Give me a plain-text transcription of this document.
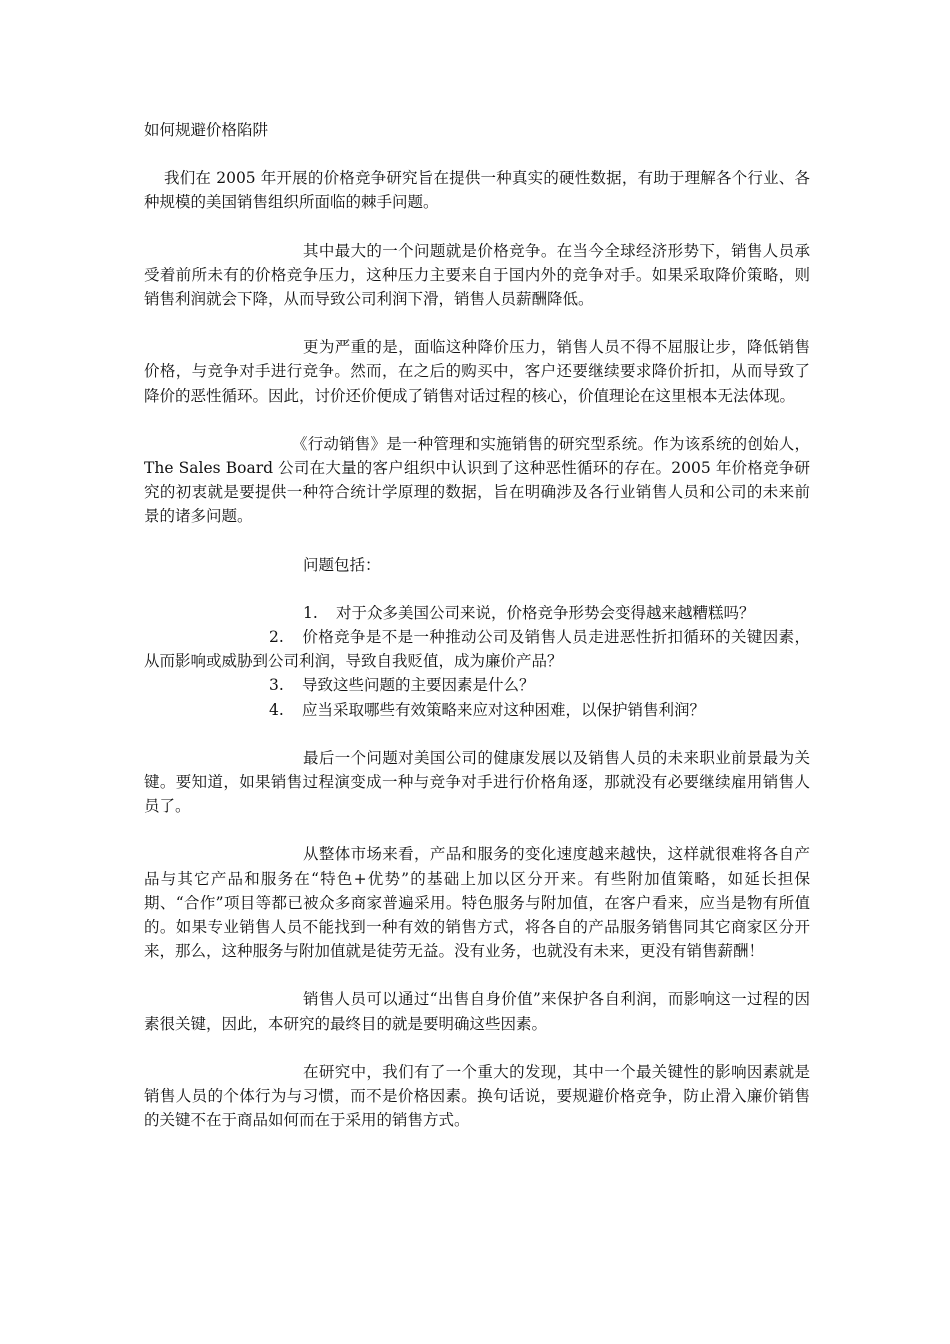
如何规避价格陷阱

我们在 2005 年开展的价格竞争研究旨在提供一种真实的硬性数据，有助于理解各个行业、各种规模的美国销售组织所面临的棘手问题。

其中最大的一个问题就是价格竞争。在当今全球经济形势下，销售人员承受着前所未有的价格竞争压力，这种压力主要来自于国内外的竞争对手。如果采取降价策略，则销售利润就会下降，从而导致公司利润下滑，销售人员薪酬降低。

更为严重的是，面临这种降价压力，销售人员不得不屈服让步，降低销售价格，与竞争对手进行竞争。然而，在之后的购买中，客户还要继续要求降价折扣，从而导致了降价的恶性循环。因此，讨价还价便成了销售对话过程的核心，价值理论在这里根本无法体现。

《行动销售》是一种管理和实施销售的研究型系统。作为该系统的创始人，The Sales Board 公司在大量的客户组织中认识到了这种恶性循环的存在。2005 年价格竞争研究的初衷就是要提供一种符合统计学原理的数据，旨在明确涉及各行业销售人员和公司的未来前景的诸多问题。

问题包括：

1. 对于众多美国公司来说，价格竞争形势会变得越来越糟糕吗？

2. 价格竞争是不是一种推动公司及销售人员走进恶性折扣循环的关键因素，从而影响或威胁到公司利润，导致自我贬值，成为廉价产品？

3. 导致这些问题的主要因素是什么？

4. 应当采取哪些有效策略来应对这种困难，以保护销售利润？

最后一个问题对美国公司的健康发展以及销售人员的未来职业前景最为关键。要知道，如果销售过程演变成一种与竞争对手进行价格角逐，那就没有必要继续雇用销售人员了。

从整体市场来看，产品和服务的变化速度越来越快，这样就很难将各自产品与其它产品和服务在“特色+优势”的基础上加以区分开来。有些附加值策略，如延长担保期、“合作”项目等都已被众多商家普遍采用。特色服务与附加值，在客户看来，应当是物有所值的。如果专业销售人员不能找到一种有效的销售方式，将各自的产品服务销售同其它商家区分开来，那么，这种服务与附加值就是徒劳无益。没有业务，也就没有未来，更没有销售薪酬！

销售人员可以通过“出售自身价值”来保护各自利润，而影响这一过程的因素很关键，因此，本研究的最终目的就是要明确这些因素。

在研究中，我们有了一个重大的发现，其中一个最关键性的影响因素就是销售人员的个体行为与习惯，而不是价格因素。换句话说，要规避价格竞争，防止滑入廉价销售的关键不在于商品如何而在于采用的销售方式。
